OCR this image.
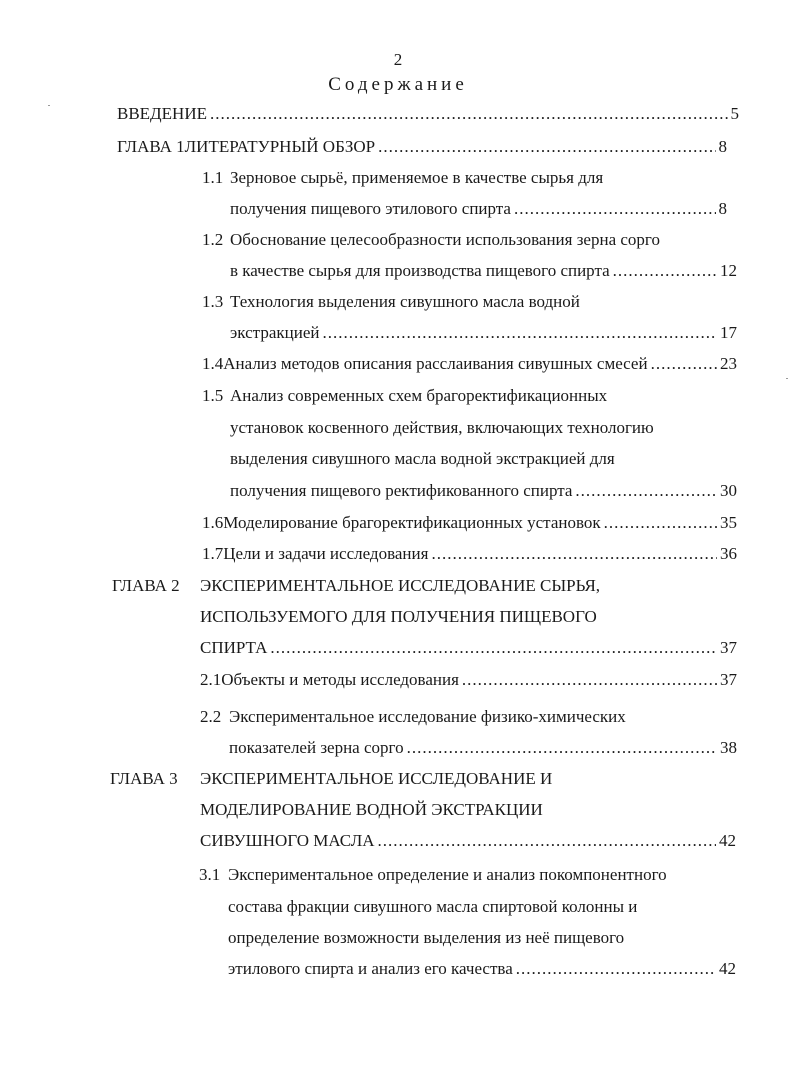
2
Содержание
ВВЕДЕНИЕ .....	5
ГЛАВА 1 ЛИТЕРАТУРНЫЙ ОБЗОР .....	8
1.1 Зерновое сырьё, применяемое в качестве сырья для
получения пищевого этилового спирта .....	8
1.2 Обоснование целесообразности использования зерна сорго
в качестве сырья для производства пищевого спирта .....	12
1.3 Технология выделения сивушного масла водной
экстракцией .....	17
1.4 Анализ методов описания расслаивания сивушных смесей .....	23
1.5 Анализ современных схем брагоректификационных
установок косвенного действия, включающих технологию
выделения сивушного масла водной экстракцией для
получения пищевого ректификованного спирта .....	30
1.6 Моделирование брагоректификационных установок .....	35
1.7 Цели и задачи исследования .....	36
ГЛАВА 2	ЭКСПЕРИМЕНТАЛЬНОЕ ИССЛЕДОВАНИЕ СЫРЬЯ,
ИСПОЛЬЗУЕМОГО ДЛЯ ПОЛУЧЕНИЯ ПИЩЕВОГО
СПИРТА .....	37
2.1 Объекты и методы исследования .....	37
2.2 Экспериментальное исследование физико-химических
показателей зерна сорго .....	38
ГЛАВА 3	ЭКСПЕРИМЕНТАЛЬНОЕ ИССЛЕДОВАНИЕ И
МОДЕЛИРОВАНИЕ ВОДНОЙ ЭКСТРАКЦИИ
СИВУШНОГО МАСЛА .....	42
3.1 Экспериментальное определение и анализ покомпонентного
состава фракции сивушного масла спиртовой колонны и
определение возможности выделения из неё пищевого
этилового спирта и анализ его качества .....	42
